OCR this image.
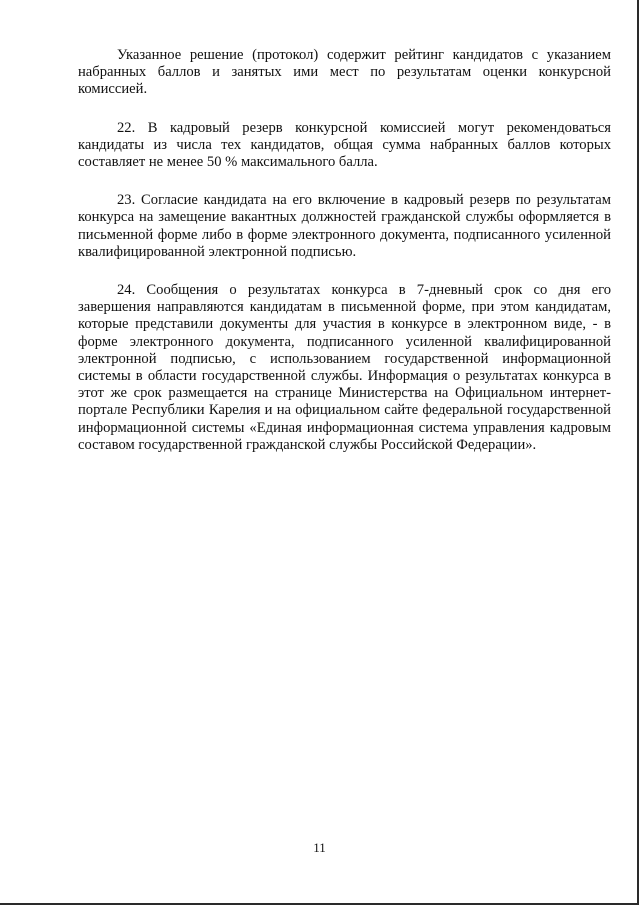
Указанное решение (протокол) содержит рейтинг кандидатов с указанием набранных баллов и занятых ими мест по результатам оценки конкурсной комиссией.

22. В кадровый резерв конкурсной комиссией могут рекомендоваться кандидаты из числа тех кандидатов, общая сумма набранных баллов которых составляет не менее 50 % максимального балла.

23. Согласие кандидата на его включение в кадровый резерв по результатам конкурса на замещение вакантных должностей гражданской службы оформляется в письменной форме либо в форме электронного документа, подписанного усиленной квалифицированной электронной подписью.

24. Сообщения о результатах конкурса в 7-дневный срок со дня его завершения направляются кандидатам в письменной форме, при этом кандидатам, которые представили документы для участия в конкурсе в электронном виде, - в форме электронного документа, подписанного усиленной квалифицированной электронной подписью, с использованием государственной информационной системы в области государственной службы. Информация о результатах конкурса в этот же срок размещается на странице Министерства на Официальном интернет-портале Республики Карелия и на официальном сайте федеральной государственной информационной системы «Единая информационная система управления кадровым составом государственной гражданской службы Российской Федерации».

11
